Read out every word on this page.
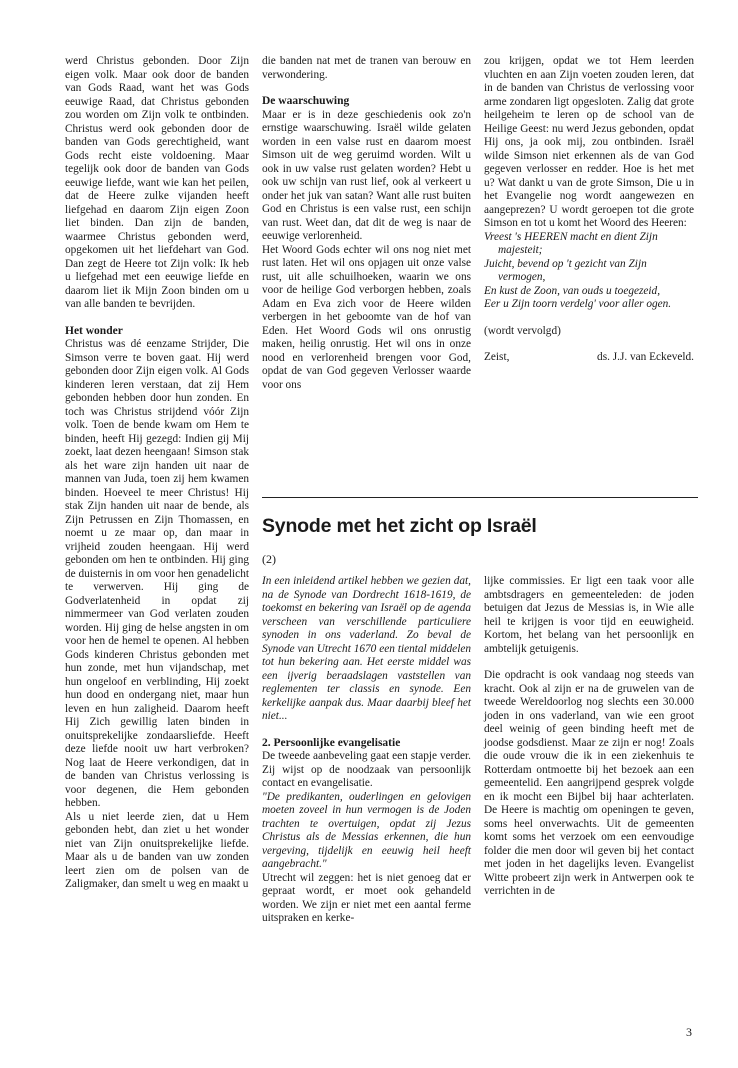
werd Christus gebonden. Door Zijn eigen volk. Maar ook door de banden van Gods Raad, want het was Gods eeuwige Raad, dat Christus gebonden zou worden om Zijn volk te ontbinden. Christus werd ook gebonden door de banden van Gods gerechtigheid, want Gods recht eiste voldoening. Maar tegelijk ook door de banden van Gods eeuwige liefde, want wie kan het peilen, dat de Heere zulke vijanden heeft liefgehad en daarom Zijn eigen Zoon liet binden. Dan zijn de banden, waarmee Christus gebonden werd, opgekomen uit het liefdehart van God. Dan zegt de Heere tot Zijn volk: Ik heb u liefgehad met een eeuwige liefde en daarom liet ik Mijn Zoon binden om u van alle banden te bevrijden.

Het wonder

Christus was dé eenzame Strijder, Die Simson verre te boven gaat. Hij werd gebonden door Zijn eigen volk. Al Gods kinderen leren verstaan, dat zij Hem gebonden hebben door hun zonden. En toch was Christus strijdend vóór Zijn volk. Toen de bende kwam om Hem te binden, heeft Hij gezegd: Indien gij Mij zoekt, laat dezen heengaan! Simson stak als het ware zijn handen uit naar de mannen van Juda, toen zij hem kwamen binden. Hoeveel te meer Christus! Hij stak Zijn handen uit naar de bende, als Zijn Petrussen en Zijn Thomassen, en noemt u ze maar op, dan maar in vrijheid zouden heengaan. Hij werd gebonden om hen te ontbinden. Hij ging de duisternis in om voor hen genadelicht te verwerven. Hij ging de Godverlatenheid in opdat zij nimmermeer van God verlaten zouden worden. Hij ging de helse angsten in om voor hen de hemel te openen. Al hebben Gods kinderen Christus gebonden met hun zonde, met hun vijandschap, met hun ongeloof en verblinding, Hij zoekt hun dood en ondergang niet, maar hun leven en hun zaligheid. Daarom heeft Hij Zich gewillig laten binden in onuitsprekelijke zondaarsliefde. Heeft deze liefde nooit uw hart verbroken? Nog laat de Heere verkondigen, dat in de banden van Christus verlossing is voor degenen, die Hem gebonden hebben.

Als u niet leerde zien, dat u Hem gebonden hebt, dan ziet u het wonder niet van Zijn onuitsprekelijke liefde. Maar als u de banden van uw zonden leert zien om de polsen van de Zaligmaker, dan smelt u weg en maakt u

die banden nat met de tranen van berouw en verwondering.

De waarschuwing

Maar er is in deze geschiedenis ook zo'n ernstige waarschuwing. Israël wilde gelaten worden in een valse rust en daarom moest Simson uit de weg geruimd worden. Wilt u ook in uw valse rust gelaten worden? Hebt u ook uw schijn van rust lief, ook al verkeert u onder het juk van satan? Want alle rust buiten God en Christus is een valse rust, een schijn van rust. Weet dan, dat dit de weg is naar de eeuwige verlorenheid.

Het Woord Gods echter wil ons nog niet met rust laten. Het wil ons opjagen uit onze valse rust, uit alle schuilhoeken, waarin we ons voor de heilige God verborgen hebben, zoals Adam en Eva zich voor de Heere wilden verbergen in het geboomte van de hof van Eden. Het Woord Gods wil ons onrustig maken, heilig onrustig. Het wil ons in onze nood en verlorenheid brengen voor God, opdat de van God gegeven Verlosser waarde voor ons

zou krijgen, opdat we tot Hem leerden vluchten en aan Zijn voeten zouden leren, dat in de banden van Christus de verlossing voor arme zondaren ligt opgesloten. Zalig dat grote heilgeheim te leren op de school van de Heilige Geest: nu werd Jezus gebonden, opdat Hij ons, ja ook mij, zou ontbinden. Israël wilde Simson niet erkennen als de van God gegeven verlosser en redder. Hoe is het met u? Wat dankt u van de grote Simson, Die u in het Evangelie nog wordt aangewezen en aangeprezen? U wordt geroepen tot die grote Simson en tot u komt het Woord des Heeren:

Vreest 's HEEREN macht en dient Zijn majesteit;

Juicht, bevend op 't gezicht van Zijn vermogen,

En kust de Zoon, van ouds u toegezeid,

Eer u Zijn toorn verdelg' voor aller ogen.

(wordt vervolgd)

Zeist,	ds. J.J. van Eckeveld.
Synode met het zicht op Israël
(2)

In een inleidend artikel hebben we gezien dat, na de Synode van Dordrecht 1618-1619, de toekomst en bekering van Israël op de agenda verscheen van verschillende particuliere synoden in ons vaderland. Zo beval de Synode van Utrecht 1670 een tiental middelen tot hun bekering aan. Het eerste middel was een ijverig beraadslagen vaststellen van reglementen ter classis en synode. Een kerkelijke aanpak dus. Maar daarbij bleef het niet...

2. Persoonlijke evangelisatie

De tweede aanbeveling gaat een stapje verder. Zij wijst op de noodzaak van persoonlijk contact en evangelisatie.

"De predikanten, ouderlingen en gelovigen moeten zoveel in hun vermogen is de Joden trachten te overtuigen, opdat zij Jezus Christus als de Messias erkennen, die hun vergeving, tijdelijk en eeuwig heil heeft aangebracht."

Utrecht wil zeggen: het is niet genoeg dat er gepraat wordt, er moet ook gehandeld worden. We zijn er niet met een aantal ferme uitspraken en kerke-

lijke commissies. Er ligt een taak voor alle ambtsdragers en gemeenteleden: de joden betuigen dat Jezus de Messias is, in Wie alle heil te krijgen is voor tijd en eeuwigheid. Kortom, het belang van het persoonlijk en ambtelijk getuigenis.

Die opdracht is ook vandaag nog steeds van kracht. Ook al zijn er na de gruwelen van de tweede Wereldoorlog nog slechts een 30.000 joden in ons vaderland, van wie een groot deel weinig of geen binding heeft met de joodse godsdienst. Maar ze zijn er nog! Zoals die oude vrouw die ik in een ziekenhuis te Rotterdam ontmoette bij het bezoek aan een gemeentelid. Een aangrijpend gesprek volgde en ik mocht een Bijbel bij haar achterlaten. De Heere is machtig om openingen te geven, soms heel onverwachts. Uit de gemeenten komt soms het verzoek om een eenvoudige folder die men door wil geven bij het contact met joden in het dagelijks leven. Evangelist Witte probeert zijn werk in Antwerpen ook te verrichten in de

3
